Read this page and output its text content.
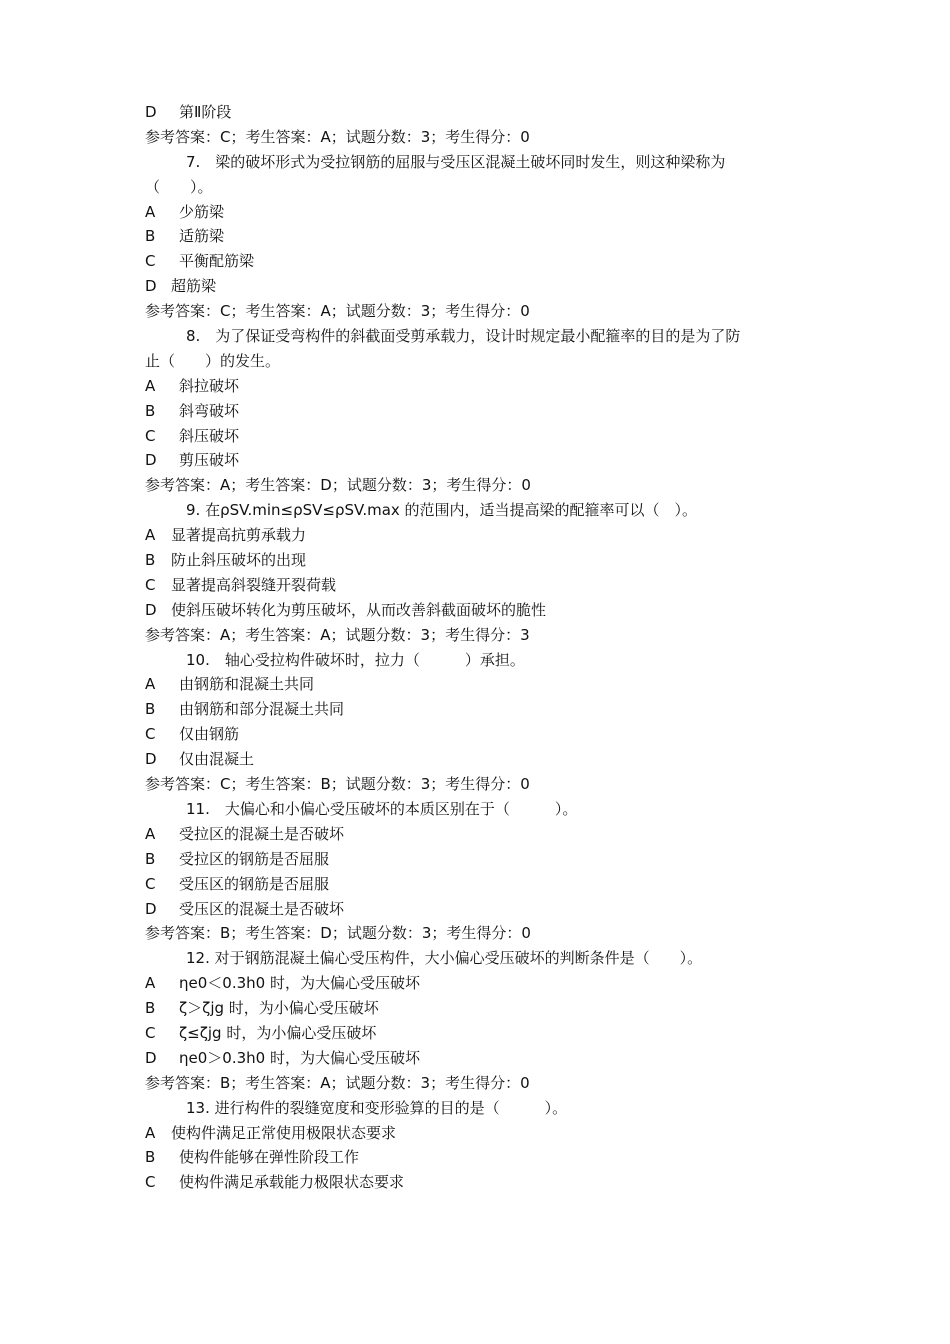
D 第Ⅱ阶段
参考答案：C；考生答案：A；试题分数：3；考生得分：0
7.　梁的破坏形式为受拉钢筋的屈服与受压区混凝土破坏同时发生，则这种梁称为
（　　）。
A 少筋梁
B 适筋梁
C 平衡配筋梁
D 超筋梁
参考答案：C；考生答案：A；试题分数：3；考生得分：0
8.　为了保证受弯构件的斜截面受剪承载力，设计时规定最小配箍率的目的是为了防
止（　　）的发生。
A 斜拉破坏
B 斜弯破坏
C 斜压破坏
D 剪压破坏
参考答案：A；考生答案：D；试题分数：3；考生得分：0
9. 在ρSV.min≤ρSV≤ρSV.max 的范围内，适当提高梁的配箍率可以（　）。
A 显著提高抗剪承载力
B 防止斜压破坏的出现
C 显著提高斜裂缝开裂荷载
D 使斜压破坏转化为剪压破坏，从而改善斜截面破坏的脆性
参考答案：A；考生答案：A；试题分数：3；考生得分：3
10.　轴心受拉构件破坏时，拉力（　　　）承担。
A 由钢筋和混凝土共同
B 由钢筋和部分混凝土共同
C 仅由钢筋
D 仅由混凝土
参考答案：C；考生答案：B；试题分数：3；考生得分：0
11.　大偏心和小偏心受压破坏的本质区别在于（　　　）。
A 受拉区的混凝土是否破坏
B 受拉区的钢筋是否屈服
C 受压区的钢筋是否屈服
D 受压区的混凝土是否破坏
参考答案：B；考生答案：D；试题分数：3；考生得分：0
12. 对于钢筋混凝土偏心受压构件，大小偏心受压破坏的判断条件是（　　）。
A ηe0＜0.3h0 时，为大偏心受压破坏
B ζ＞ζjg 时，为小偏心受压破坏
C ζ≤ζjg 时，为小偏心受压破坏
D ηe0＞0.3h0 时，为大偏心受压破坏
参考答案：B；考生答案：A；试题分数：3；考生得分：0
13. 进行构件的裂缝宽度和变形验算的目的是（　　　）。
A 使构件满足正常使用极限状态要求
B 使构件能够在弹性阶段工作
C 使构件满足承载能力极限状态要求
